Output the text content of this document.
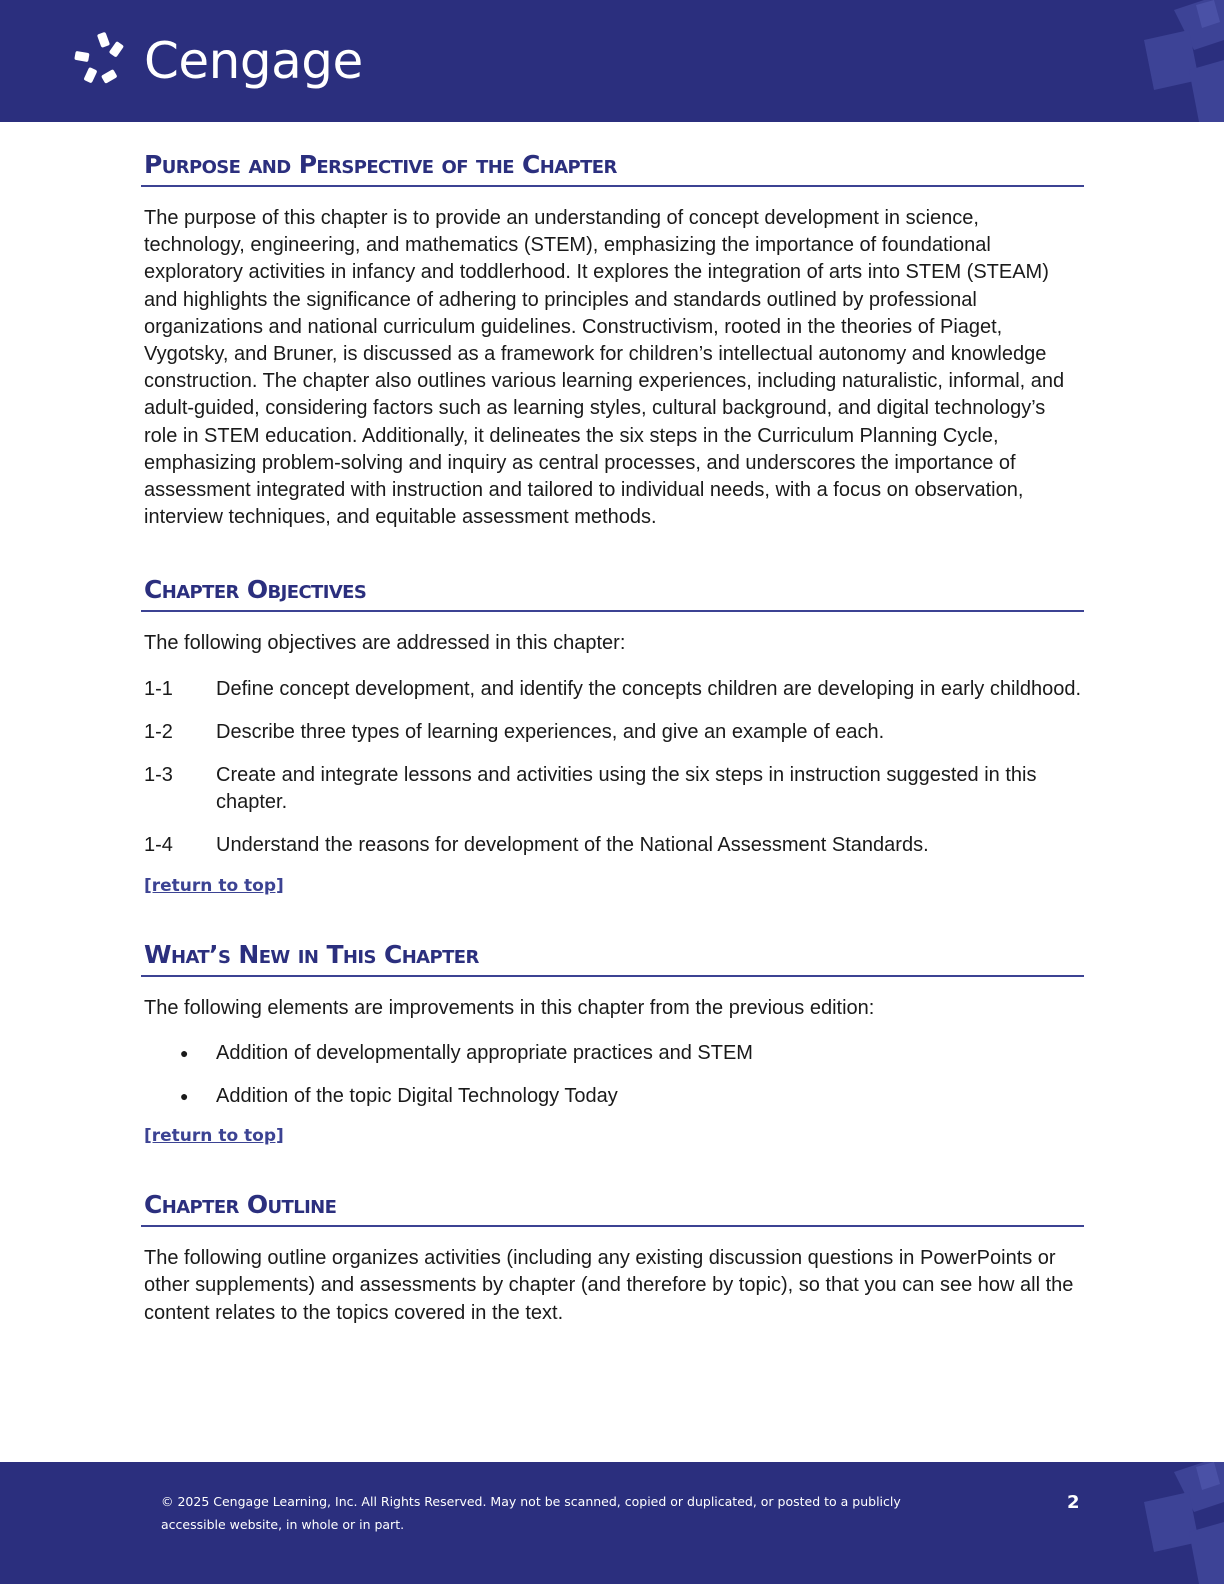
Cengage
Purpose and Perspective of the Chapter

The purpose of this chapter is to provide an understanding of concept development in science, technology, engineering, and mathematics (STEM), emphasizing the importance of foundational exploratory activities in infancy and toddlerhood. It explores the integration of arts into STEM (STEAM) and highlights the significance of adhering to principles and standards outlined by professional organizations and national curriculum guidelines. Constructivism, rooted in the theories of Piaget, Vygotsky, and Bruner, is discussed as a framework for children’s intellectual autonomy and knowledge construction. The chapter also outlines various learning experiences, including naturalistic, informal, and adult-guided, considering factors such as learning styles, cultural background, and digital technology’s role in STEM education. Additionally, it delineates the six steps in the Curriculum Planning Cycle, emphasizing problem-solving and inquiry as central processes, and underscores the importance of assessment integrated with instruction and tailored to individual needs, with a focus on observation, interview techniques, and equitable assessment methods.

Chapter Objectives

The following objectives are addressed in this chapter:

1-1	Define concept development, and identify the concepts children are developing in early childhood.
1-2	Describe three types of learning experiences, and give an example of each.
1-3	Create and integrate lessons and activities using the six steps in instruction suggested in this chapter.
1-4	Understand the reasons for development of the National Assessment Standards.
[return to top]
What’s New in This Chapter

The following elements are improvements in this chapter from the previous edition:

●	Addition of developmentally appropriate practices and STEM
●	Addition of the topic Digital Technology Today
[return to top]
Chapter Outline

The following outline organizes activities (including any existing discussion questions in PowerPoints or other supplements) and assessments by chapter (and therefore by topic), so that you can see how all the content relates to the topics covered in the text.

© 2025 Cengage Learning, Inc. All Rights Reserved. May not be scanned, copied or duplicated, or posted to a publicly accessible website, in whole or in part.
2
